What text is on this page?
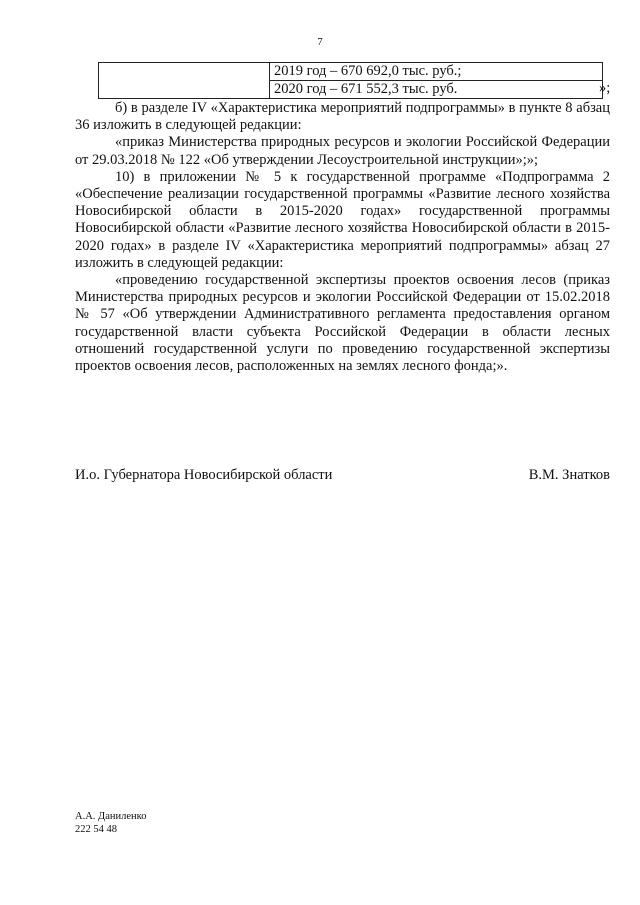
7
	2019 год – 670 692,0 тыс. руб.;
2020 год – 671 552,3 тыс. руб.	»;

б) в разделе IV «Характеристика мероприятий подпрограммы» в пункте 8 абзац 36 изложить в следующей редакции:

«приказ Министерства природных ресурсов и экологии Российской Федерации от 29.03.2018 № 122 «Об утверждении Лесоустроительной инструкции»;»;

10) в приложении № 5 к государственной программе «Подпрограмма 2 «Обеспечение реализации государственной программы «Развитие лесного хозяйства Новосибирской области в 2015-2020 годах» государственной программы Новосибирской области «Развитие лесного хозяйства Новосибирской области в 2015-2020 годах» в разделе IV «Характеристика мероприятий подпрограммы» абзац 27 изложить в следующей редакции:

«проведению государственной экспертизы проектов освоения лесов (приказ Министерства природных ресурсов и экологии Российской Федерации от 15.02.2018 № 57 «Об утверждении Административного регламента предоставления органом государственной власти субъекта Российской Федерации в области лесных отношений государственной услуги по проведению государственной экспертизы проектов освоения лесов, расположенных на землях лесного фонда;».

И.о. Губернатора Новосибирской области	В.М. Знатков
А.А. Даниленко
222 54 48
